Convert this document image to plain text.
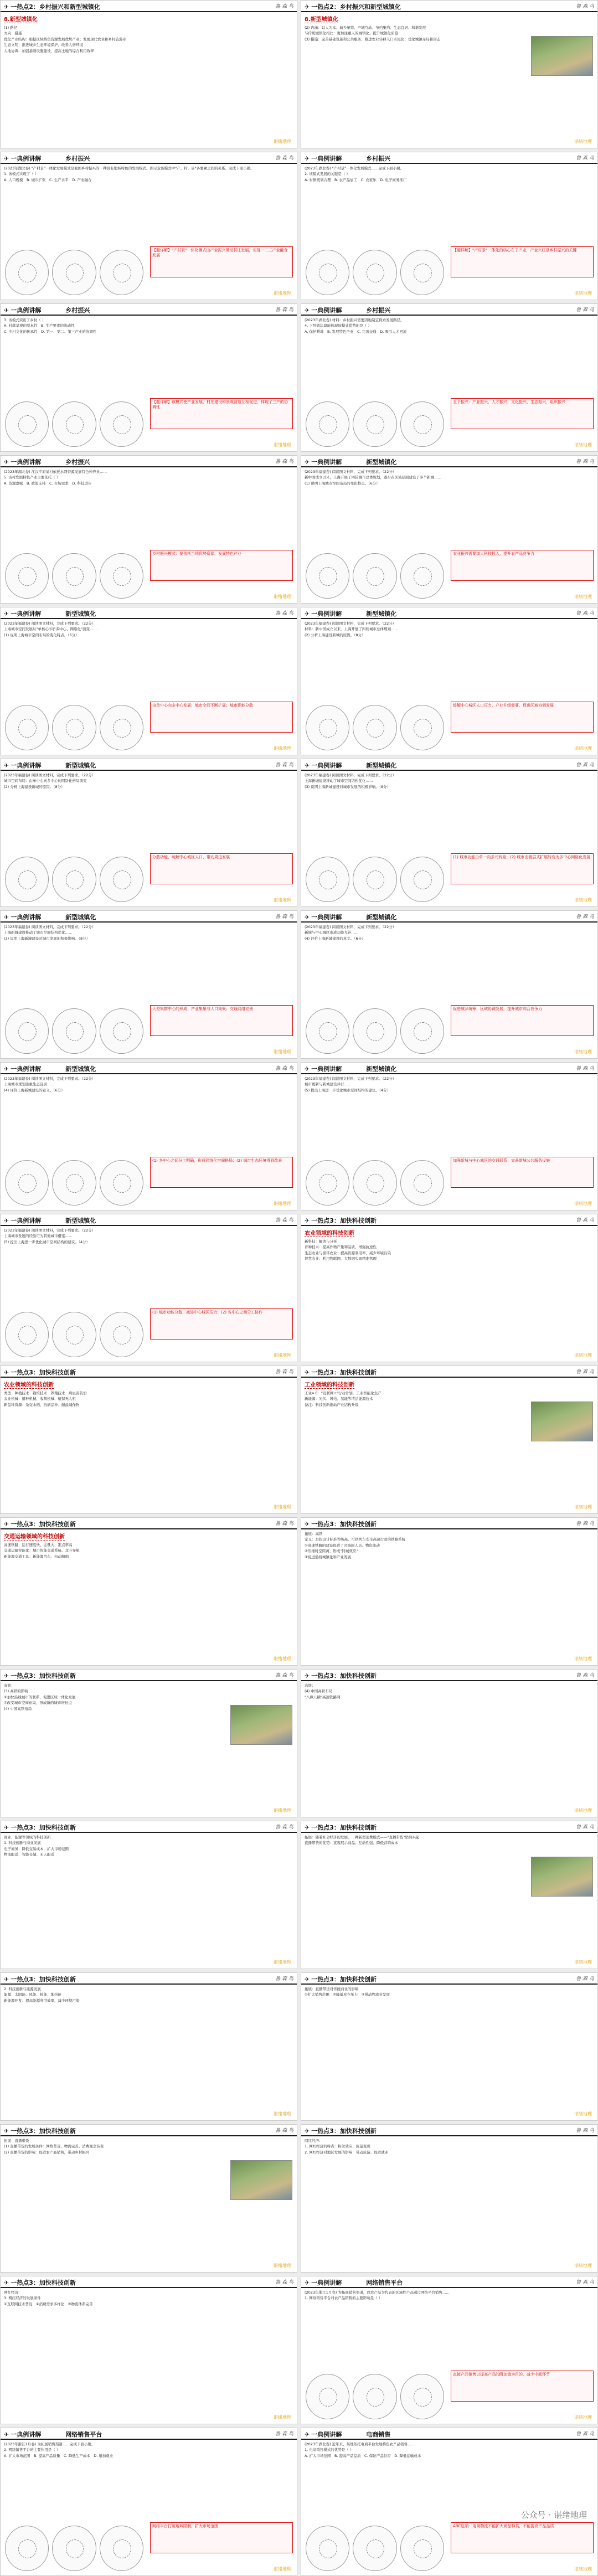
✈ 一热点2：乡村振兴和新型城镇化	鲁 森 鸟
8.新型城镇化

(1) 路径

方向：措施

优化产业结构：根据区域特色资源发展优势产业；发展现代农业和乡村旅游业

生态文明：推进城乡生态环境保护，改善人居环境

人地协调：加强基础设施建设，提高土地的综合利用效率

谌绪地理
✈ 一热点2：乡村振兴和新型城镇化	鲁 森 鸟
8.新型城镇化

(2) 内涵：以人为本、城乡统筹、产城互动、节约集约、生态宜居、和谐发展

与传统城镇化相比：更加注重人的城镇化，提升城镇化质量

(3) 措施：完善基础设施和公共服务；推进农业转移人口市民化；优化城镇布局和形态

谌绪地理
✈ 一典例讲解　　　　乡村振兴	鲁 森 鸟

(2023年湖北卷) "产村景"一体化发展模式是我国乡村振兴的一种具有地域特色的发展模式。图示意该模式中"产、村、景"各要素之间的关系。完成下面小题。

1. 该模式实现了（ ）

A. 人口规模　B. 城市扩张　C. 生产水平　D. 产业融合

【题详解】"产村景"一体化模式由产业振兴带动村庄发展，实现一二三产业融合发展
谌绪地理
✈ 一典例讲解　　　　乡村振兴	鲁 森 鸟

(2023年湖北卷) "产村景"一体化发展模式……完成下面小题。

2. 该模式发展的关键是（ ）

A. 村镇规划合理　B. 农产品加工　C. 农家乐　D. 电子商务推广

【题详解】"产村景"一体化的核心在于产业，产业兴旺是乡村振兴的关键
谌绪地理
✈ 一典例讲解　　　　乡村振兴	鲁 森 鸟

3. 该模式突出了乡村（ ）

A. 村落景观的原真性　B. 生产要素的流动性

C. 乡村文化的传承性　D. 第一、第二、第三产业的协调性

【题详解】该模式使产业发展、村庄建设和景观营造互相促进，体现了三产的协调性
谌绪地理
✈ 一典例讲解　　　　乡村振兴	鲁 森 鸟

(2023年湖北卷) 材料：乡村振兴需要因地制宜探索发展路径。

4. 下列做法最能体现该模式优势的是（ ）

A. 保护耕地　B. 发展特色产业　C. 完善交通　D. 吸引人才回流

五个振兴：产业振兴、人才振兴、文化振兴、生态振兴、组织振兴
谌绪地理
✈ 一典例讲解　　　　乡村振兴	鲁 森 鸟

(2023年湖北卷) 江汉平原某村依托水网资源发展特色种养业……

5. 该村发展特色产业主要依托（ ）

A. 资源禀赋　B. 政策支持　C. 市场需求　D. 科技进步

乡村振兴模式：要依托当地优势资源，发展特色产业
谌绪地理
✈ 一典例讲解　　　　新型城镇化	鲁 森 鸟

(2023年福建卷) 阅读图文材料，完成下列要求。（22分）

新中国成立以来，上海开展了四轮城市总体规划，逐步在区域层面建设了多个新城……

(1) 说明上海城市空间布局的变化特点。（6分）

农业振兴需要加大科技投入，提升农产品竞争力
谌绪地理
✈ 一典例讲解　　　　新型城镇化	鲁 森 鸟

(2023年福建卷) 阅读图文材料，完成下列要求。（22分）

上海城市空间发展从"单核心"向"多中心、网络化"演变……

(1) 说明上海城市空间布局的变化特点。（6分）

由单中心向多中心发展；城市空间不断扩展；城市职能分散
谌绪地理
✈ 一典例讲解　　　　新型城镇化	鲁 森 鸟

(2023年福建卷) 阅读图文材料，完成下列要求。（22分）

材料：新中国成立以来，上海开展了四轮城市总体规划……

(2) 分析上海建设新城的原因。（8分）

缓解中心城区人口压力、产业升级需要、促进区域协调发展
谌绪地理
✈ 一典例讲解　　　　新型城镇化	鲁 森 鸟

(2023年福建卷) 阅读图文材料，完成下列要求。（22分）

城市空间布局：由单中心向多中心的网络化格局演变

(2) 分析上海建设新城的原因。（8分）

分散功能、疏解中心城区人口、带动周边发展
谌绪地理
✈ 一典例讲解　　　　新型城镇化	鲁 森 鸟

(2023年福建卷) 阅读图文材料，完成下列要求。（22分）

上海新城建设推动了城市空间结构优化……

(3) 说明上海新城建设对城市发展的积极影响。（8分）

(1) 城市功能由单一向多元转变；(2) 城市由圈层式扩展转变为多中心网络化发展
谌绪地理
✈ 一典例讲解　　　　新型城镇化	鲁 森 鸟

(2023年福建卷) 阅读图文材料，完成下列要求。（22分）

上海新城建设推动了城市空间结构优化……

(3) 说明上海新城建设对城市发展的积极影响。（8分）

大型集群中心的形成；产业集聚与人口集聚；交通网络完善
谌绪地理
✈ 一典例讲解　　　　新型城镇化	鲁 森 鸟

(2023年福建卷) 阅读图文材料，完成下列要求。（22分）

新城与中心城区形成功能互补……

(4) 评价上海新城建设的意义。（6分）

促进城乡统筹、区域协调发展，提升城市综合竞争力
谌绪地理
✈ 一典例讲解　　　　新型城镇化	鲁 森 鸟

(2023年福建卷) 阅读图文材料，完成下列要求。（22分）

上海城市规划注重生态宜居……

(4) 评价上海新城建设的意义。（6分）

(1) 各中心之间分工明确，形成网络化空间格局；(2) 城市生态环境得到改善
谌绪地理
✈ 一典例讲解　　　　新型城镇化	鲁 森 鸟

(2023年福建卷) 阅读图文材料，完成下列要求。（22分）

城市更新与新城建设并行……

(5) 提出上海进一步优化城市空间结构的建议。（4分）

加强新城与中心城区的交通联系；完善新城公共服务设施
谌绪地理
✈ 一典例讲解　　　　新型城镇化	鲁 森 鸟

(2023年福建卷) 阅读图文材料，完成下列要求。（22分）

上海城市发展的经验可为其他城市借鉴……

(5) 提出上海进一步优化城市空间结构的建议。（4分）

(1) 城市功能分散，减轻中心城区压力；(2) 各中心之间分工协作
谌绪地理
✈ 一热点3：加快科技创新	鲁 森 鸟
农业领域的科技创新

新科技：解读与分析

育种技术：提高作物产量和品质，增强抗逆性

生态农业与循环农业：提高资源利用率，减少环境污染

智慧农业：利用物联网、大数据实现精准管理

谌绪地理
✈ 一热点3：加快科技创新	鲁 森 鸟
农业领域的科技创新

类型：种植技术　栽培技术　养殖技术　病虫害防治

农业机械：播种机械、收割机械、植保无人机

新品种资源：杂交水稻、抗病品种、耐盐碱作物

谌绪地理
✈ 一热点3：加快科技创新	鲁 森 鸟
工业领域的科技创新

工业4.0："互联网+"行动计划，工业智能化生产

新能源：光伏、风电、氢能等清洁能源技术

备注：科技创新推动产业结构升级

谌绪地理
✈ 一热点3：加快科技创新	鲁 森 鸟
交通运输领域的科技创新

高速铁路：运行速度快、运量大、准点率高

交通运输智能化：城市智能交通系统、北斗导航

新能源交通工具：新能源汽车、电动船舶

谌绪地理
✈ 一热点3：加快科技创新	鲁 森 鸟

拓展：高铁

定义：是指设计标准等级高、可供列车安全高速行驶的铁路系统

①高速铁路的建设促进了区域间人员、物资流动

②压缩时空距离，形成"同城效应"

③促进沿线城镇化和产业发展

谌绪地理
✈ 一热点3：加快科技创新	鲁 森 鸟

高铁：

(3) 高铁的影响

①加快沿线城市的联系，促进区域一体化发展

②改变城市空间布局，形成新的城市增长点

(4) 中国高铁布局

谌绪地理
✈ 一热点3：加快科技创新	鲁 森 鸟

高铁：

(4) 中国高铁布局

"八纵八横"高速铁路网

谌绪地理
✈ 一热点3：加快科技创新	鲁 森 鸟

商业、能源等领域的科技创新

1. 科技创新与商业发展

电子商务：降低交易成本，扩大市场范围

物流配送：智能仓储、无人配送

谌绪地理
✈ 一热点3：加快科技创新	鲁 森 鸟

拓展：随着社会经济的发展，一种新型消费模式——"直播带货"悄然兴起

直播带货的优势：直观展示商品、互动性强、降低营销成本

谌绪地理
✈ 一热点3：加快科技创新	鲁 森 鸟

2. 科技创新与能源发展

能源：太阳能、风能、核能、地热能

新能源开发：提高能源利用效率，减少环境污染

谌绪地理
✈ 一热点3：加快科技创新	鲁 森 鸟

拓展：直播带货对传统商业的影响

①扩大销售范围　②降低库存压力　③带动物流业发展

谌绪地理
✈ 一热点3：加快科技创新	鲁 森 鸟

拓展：直播带货

(1) 直播带货的发展条件：网络普及、物流完善、消费观念转变

(2) 直播带货的影响：促进农产品销售，带动乡村振兴

谌绪地理
✈ 一热点3：加快科技创新	鲁 森 鸟

网红经济：

1. 网红经济的特点：粉丝效应、流量变现

2. 网红经济对地区发展的影响：带动旅游、促进就业

谌绪地理
✈ 一热点3：加快科技创新	鲁 森 鸟

网红经济：

3. 网红经济的发展条件

①互联网技术普及　②消费需求多样化　③物流体系完善

谌绪地理
✈ 一典例讲解　　　　网络销售平台	鲁 森 鸟

(2023年浙江1月卷) 为拓展销售渠道，以农产品为代表的区域性产品通过网络平台销售……

1. 网络销售平台对农产品销售的主要影响是（ ）

直接产品销售以提高产品的附加值为目的，减少中间环节
谌绪地理
✈ 一典例讲解　　　　网络销售平台	鲁 森 鸟

(2023年浙江1月卷) 为拓展销售渠道……完成下面小题。

2. 网络销售平台的主要作用是（ ）

A. 扩大市场范围　B. 提高产品质量　C. 降低生产成本　D. 增加就业

网络平台打破地域限制，扩大市场范围
谌绪地理
✈ 一典例讲解　　　　电商销售	鲁 森 鸟

(2023年湖北卷) 近年来，某地依托电商平台发展特色农产品销售……

1. 电商销售模式的优势是（ ）

A. 扩大市场范围　B. 提高产品品质　C. 保证产品供应　D. 降低运输成本

ABC选项：电商物流不能扩大商品种类，不能提高产品品质
谌绪地理
公众号 · 谌绪地理
